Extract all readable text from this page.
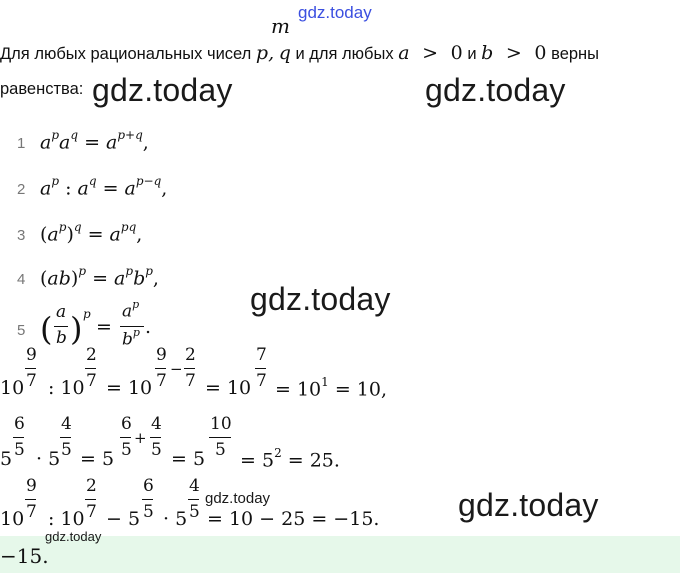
gdz.today
m
Для любых рациональных чисел p, q и для любых a > 0 и b > 0 верны
равенства: gdz.today	gdz.today
1 $a^pa^q = a^{p+q}$,
2 $a^p$ : $a^q = a^{p-q}$,
3 $(a^p)^q = a^{pq}$,
4 $(ab)^p = a^pb^p$,
gdz.today
5 ( a
b ) p
=
$a^p$
$b^p$ .
10
9
7 : 10
2
7 = 10
9
7
−
2
7 = 10
7
$7 = 10^1 = 10$,
5
6
5 · 5
4
5 = 5
6
5
+
4
5 = 5
10
$5 = 5^2 = 25$.
10
9
7 : 10
2
7 − 5
6
5 · 5
4
5 = 10 − 25 = −15.
gdz.today	gdz.today
gdz.today
−15.
